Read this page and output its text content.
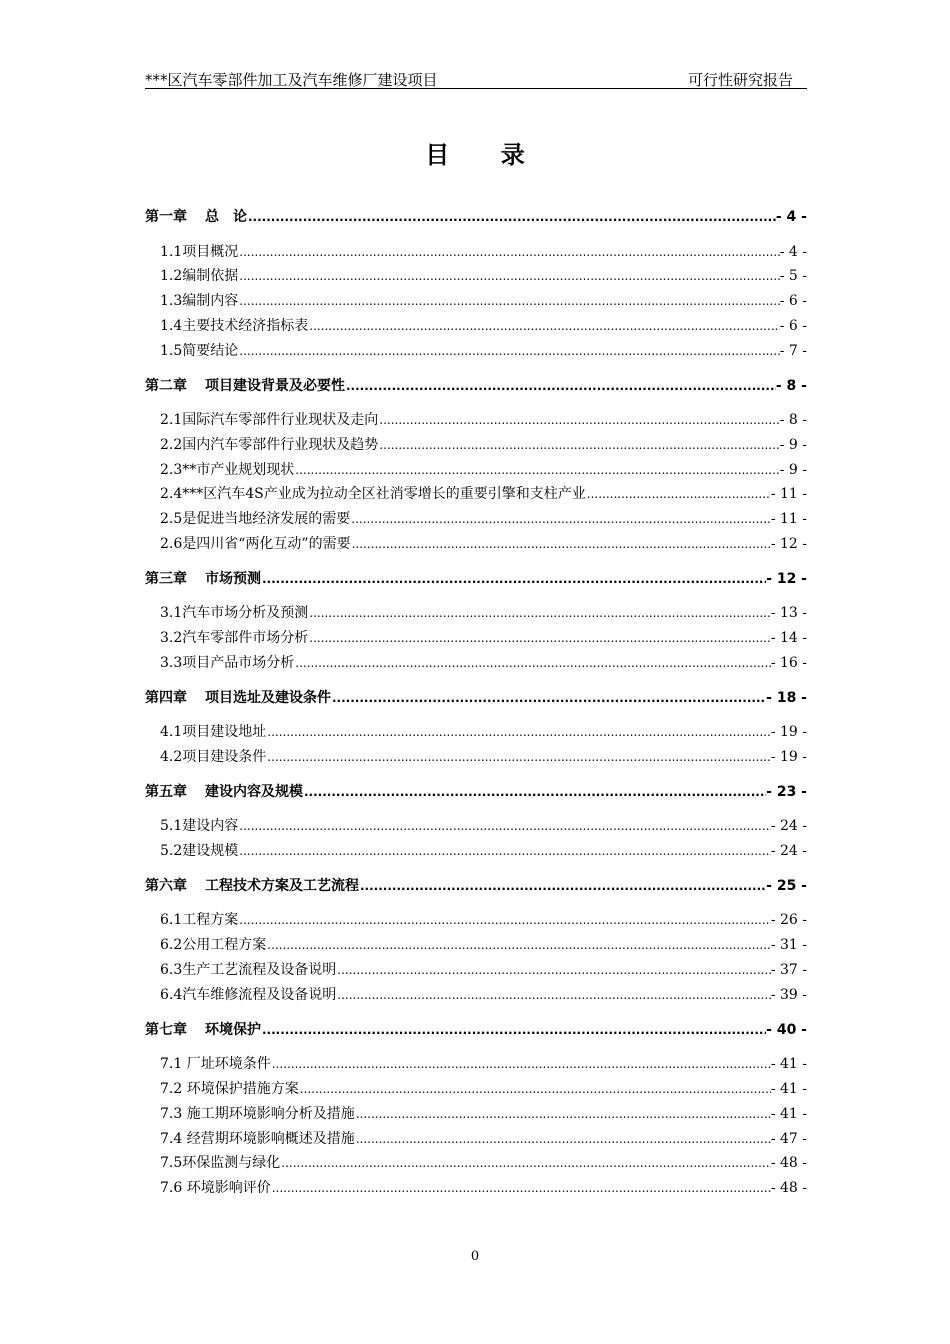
***区汽车零部件加工及汽车维修厂建设项目	可行性研究报告
目 录
第一章 总　论 .....	- 4 -
1.1项目概况 .....	- 4 -
1.2编制依据 .....	- 5 -
1.3编制内容 .....	- 6 -
1.4主要技术经济指标表 .....	- 6 -
1.5简要结论 .....	- 7 -
第二章 项目建设背景及必要性 .....	- 8 -
2.1国际汽车零部件行业现状及走向 .....	- 8 -
2.2国内汽车零部件行业现状及趋势 .....	- 9 -
2.3**市产业规划现状 .....	- 9 -
2.4***区汽车4S产业成为拉动全区社消零增长的重要引擎和支柱产业 .....	- 11 -
2.5是促进当地经济发展的需要 .....	- 11 -
2.6是四川省“两化互动”的需要 .....	- 12 -
第三章 市场预测 .....	- 12 -
3.1汽车市场分析及预测 .....	- 13 -
3.2汽车零部件市场分析 .....	- 14 -
3.3项目产品市场分析 .....	- 16 -
第四章 项目选址及建设条件 .....	- 18 -
4.1项目建设地址 .....	- 19 -
4.2项目建设条件 .....	- 19 -
第五章 建设内容及规模 .....	- 23 -
5.1建设内容 .....	- 24 -
5.2建设规模 .....	- 24 -
第六章 工程技术方案及工艺流程 .....	- 25 -
6.1工程方案 .....	- 26 -
6.2公用工程方案 .....	- 31 -
6.3生产工艺流程及设备说明 .....	- 37 -
6.4汽车维修流程及设备说明 .....	- 39 -
第七章 环境保护 .....	- 40 -
7.1 厂址环境条件 .....	- 41 -
7.2 环境保护措施方案 .....	- 41 -
7.3 施工期环境影响分析及措施 .....	- 41 -
7.4 经营期环境影响概述及措施 .....	- 47 -
7.5环保监测与绿化 .....	- 48 -
7.6 环境影响评价 .....	- 48 -
0
